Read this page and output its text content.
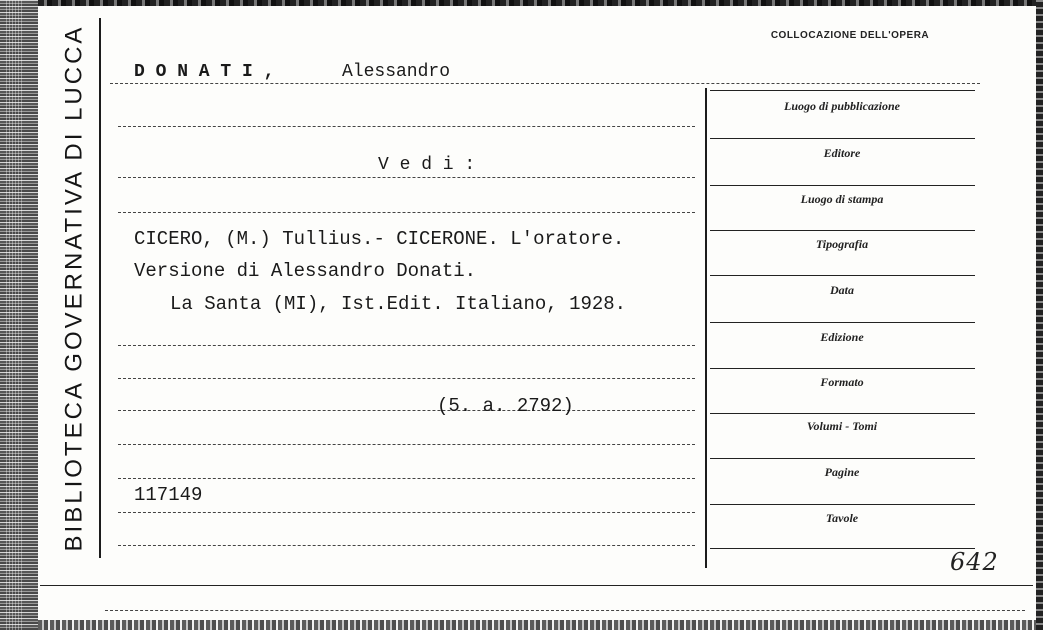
BIBLIOTECA GOVERNATIVA DI LUCCA	D O N A T I ,	Alessandro
V e d i :
CICERO, (M.) Tullius.- CICERONE. L'oratore.
Versione di Alessandro Donati.
La Santa (MI), Ist.Edit. Italiano, 1928.
(5. a. 2792)
117149
COLLOCAZIONE DELL'OPERA
Luogo di pubblicazione
Editore
Luogo di stampa
Tipografia
Data
Edizione
Formato
Volumi - Tomi
Pagine
Tavole
642
